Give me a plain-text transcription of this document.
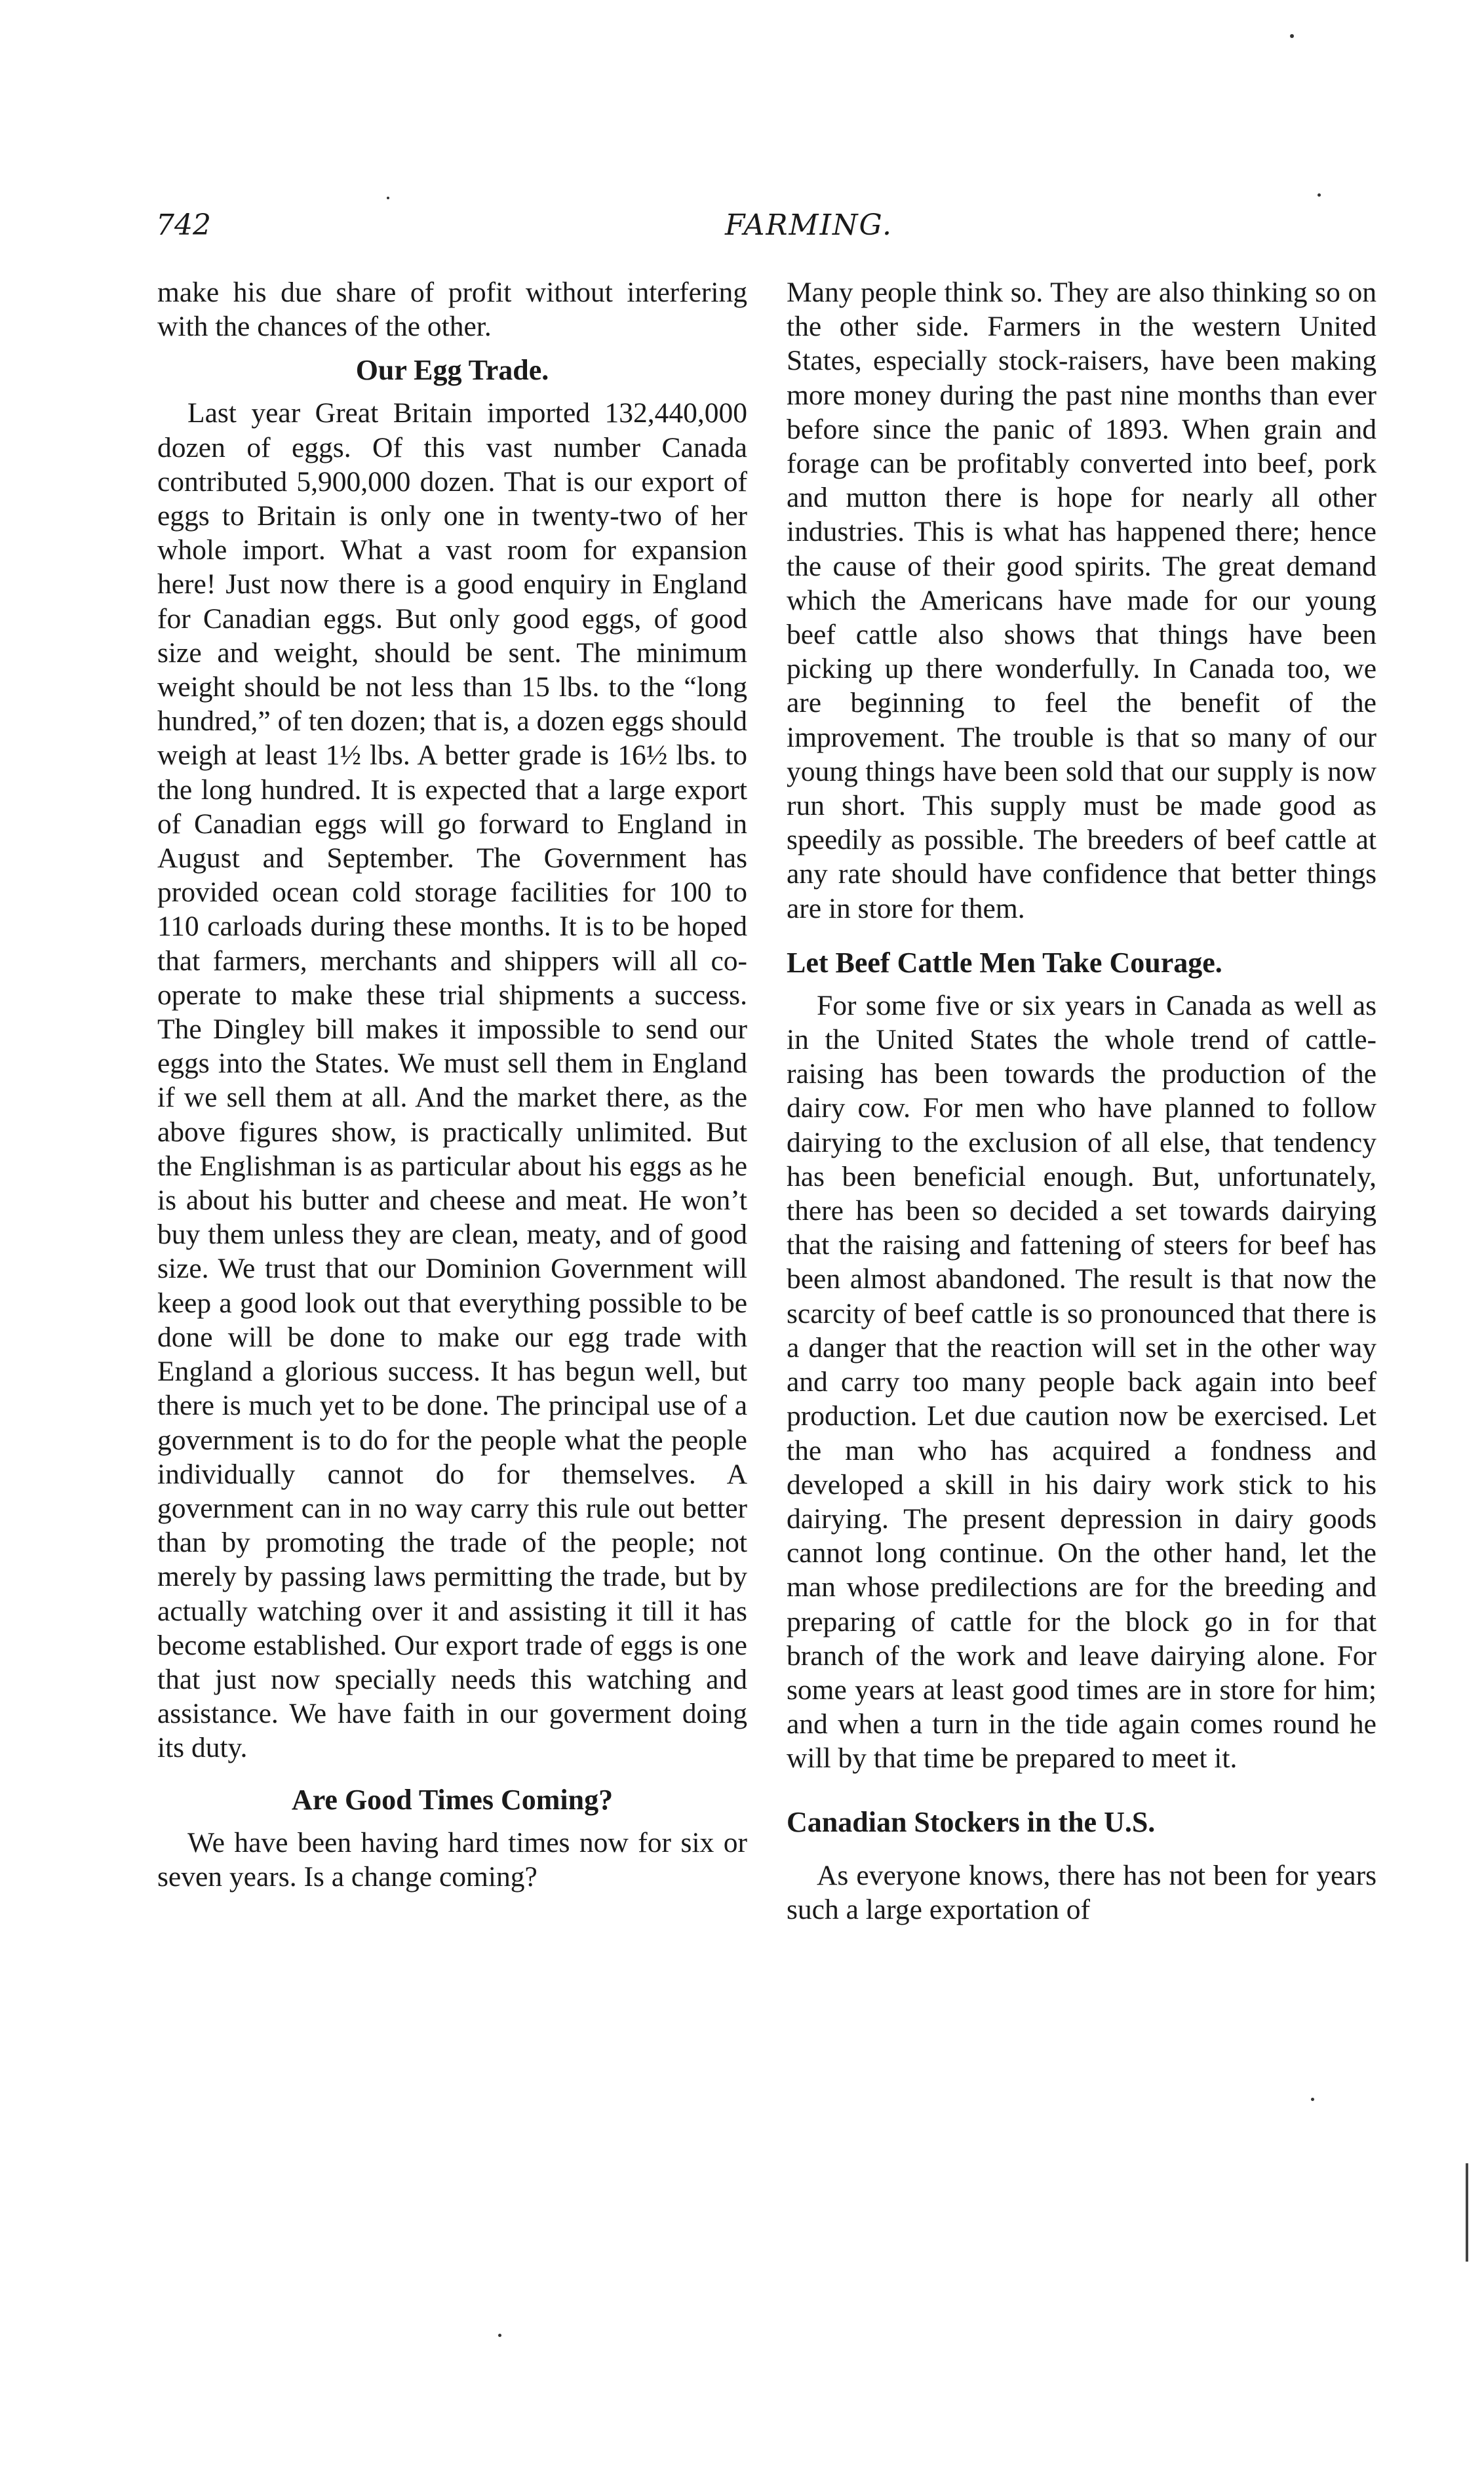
742	FARMING.

make his due share of profit without interfering with the chances of the other.

Our Egg Trade.

Last year Great Britain imported 132,440,000 dozen of eggs. Of this vast number Canada contributed 5,900,000 dozen. That is our export of eggs to Britain is only one in twenty-two of her whole import. What a vast room for expansion here! Just now there is a good enquiry in England for Canadian eggs. But only good eggs, of good size and weight, should be sent. The minimum weight should be not less than 15 lbs. to the “long hundred,” of ten dozen; that is, a dozen eggs should weigh at least 1½ lbs. A better grade is 16½ lbs. to the long hundred. It is expected that a large export of Canadian eggs will go forward to England in August and September. The Government has provided ocean cold storage facilities for 100 to 110 carloads during these months. It is to be hoped that farmers, merchants and shippers will all co-operate to make these trial shipments a success. The Dingley bill makes it impossible to send our eggs into the States. We must sell them in England if we sell them at all. And the market there, as the above figures show, is practically unlimited. But the Englishman is as particular about his eggs as he is about his butter and cheese and meat. He won’t buy them unless they are clean, meaty, and of good size. We trust that our Dominion Government will keep a good look out that everything possible to be done will be done to make our egg trade with England a glorious success. It has begun well, but there is much yet to be done. The principal use of a government is to do for the people what the people individually cannot do for themselves. A government can in no way carry this rule out better than by promoting the trade of the people; not merely by passing laws permitting the trade, but by actually watching over it and assisting it till it has become established. Our export trade of eggs is one that just now specially needs this watching and assistance. We have faith in our goverment doing its duty.

Are Good Times Coming?

We have been having hard times now for six or seven years. Is a change coming?

Many people think so. They are also thinking so on the other side. Farmers in the western United States, especially stock-raisers, have been making more money during the past nine months than ever before since the panic of 1893. When grain and forage can be profitably converted into beef, pork and mutton there is hope for nearly all other industries. This is what has happened there; hence the cause of their good spirits. The great demand which the Americans have made for our young beef cattle also shows that things have been picking up there wonderfully. In Canada too, we are beginning to feel the benefit of the improvement. The trouble is that so many of our young things have been sold that our supply is now run short. This supply must be made good as speedily as possible. The breeders of beef cattle at any rate should have confidence that better things are in store for them.

Let Beef Cattle Men Take Courage.

For some five or six years in Canada as well as in the United States the whole trend of cattle-raising has been towards the production of the dairy cow. For men who have planned to follow dairying to the exclusion of all else, that tendency has been beneficial enough. But, unfortunately, there has been so decided a set towards dairying that the raising and fattening of steers for beef has been almost abandoned. The result is that now the scarcity of beef cattle is so pronounced that there is a danger that the reaction will set in the other way and carry too many people back again into beef production. Let due caution now be exercised. Let the man who has acquired a fondness and developed a skill in his dairy work stick to his dairying. The present depression in dairy goods cannot long continue. On the other hand, let the man whose predilections are for the breeding and preparing of cattle for the block go in for that branch of the work and leave dairying alone. For some years at least good times are in store for him; and when a turn in the tide again comes round he will by that time be prepared to meet it.

Canadian Stockers in the U.S.

As everyone knows, there has not been for years such a large exportation of
